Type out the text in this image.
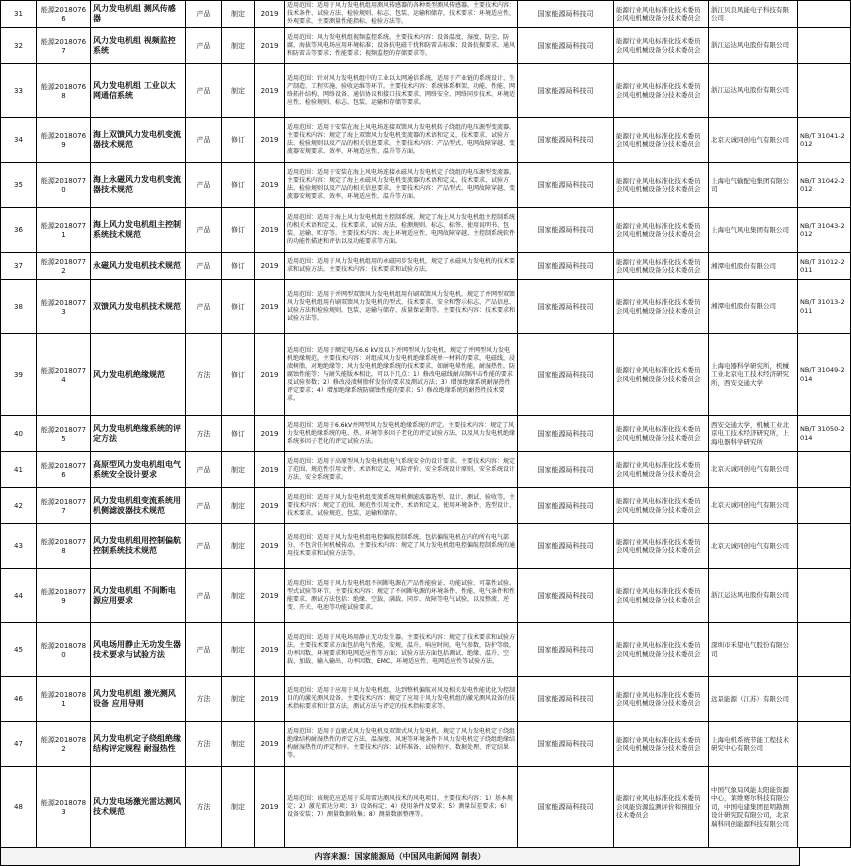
31	能源20180766	风力发电机组 测风传感器	产品	制定	2019	适用范围：适用于风力发电机组用测风传感器的各种类型测风传感器。主要技术内容：技术条件、试验方法、检验规则、标志、包装、运输和储存，技术要求：环境适应性，外观要求，主要测量性能指标，检验方法等。	国家能源局科技司	能源行业风电标准化技术委员会风电机械设备分技术委员会	浙江贝良风能电子科技有限公司	
32	能源20180767	风力发电机组 视频监控系统	产品	制定	2019	适用范围：风力发电机组视频监控系统。主要技术内容：设备温度、湿度、防尘、防腐、海拔等风电场应用环境标准；设备抗电磁干扰和防雷击标准；设备抗振要求，通风和防雷击等要求；性能要求；视频监控的存储要求等。	国家能源局科技司	能源行业风电标准化技术委员会风电机械设备分技术委员会	浙江运达风电股份有限公司	
33	能源20180768	风力发电机组 工业以太网通信系统	产品	制定	2019	适用范围：针对风力发电机组中的工业以太网通信系统，适用于产业链的系统设计、生产制造、工程实施、验收运维等环节。主要技术内容：系统体系框架、功能、性能、网络拓扑结构、网络设备、通信协议和接口技术要求、网络安全、网络同步技术、环境适应性、检验规则、标志、包装、运输和存储等要求。	国家能源局科技司	能源行业风电标准化技术委员会风电机械设备分技术委员会	浙江运达风电股份有限公司	
34	能源20180769	海上双馈风力发电机变流器技术规范	产品	修订	2019	适用范围：适用于安装在海上风电场连接双馈风力发电机转子绕组的电压源型变流器。主要技术内容：规定了海上双馈风力发电机变流器的术语和定义、技术要求、试验方法、检验规则以及产品的相关信息要求。主要技术内容：产品型式、电网故障穿越、变流器安规要求、效率、环境适应性、温升等方面。	国家能源局科技司	能源行业风电标准化技术委员会风电机械设备分技术委员会	北京天诚同创电气有限公司	NB/T 31041-2012
35	能源20180770	海上永磁风力发电机变流器技术规范	产品	修订	2019	适用范围：适用于安装在海上风电场连接永磁风力发电机定子绕组的电压源型变流器。主要技术内容：规定了海上永磁风力发电机变流器的术语和定义、技术要求、试验方法、检验规则以及产品的相关信息要求。主要技术内容：产品型式、电网故障穿越、变流器安规要求、效率、环境适应性、温升等方面。	国家能源局科技司	能源行业风电标准化技术委员会风电机械设备分技术委员会	上海电气输配电集团有限公司	NB/T 31042-2012
36	能源20180771	海上风力发电机组主控制系统技术规范	产品	修订	2019	适用范围：适用于海上风力发电机组主控制系统。规定了海上风力发电机组主控制系统的相关术语和定义、技术要求、试验方法、检测规则、标志、标签、使用说明书、包装、运输、贮存等。主要技术内容：海上环境适应性、电网故障穿越、主控制系统软件的功能性描述和评估以及功能要求等方面。	国家能源局科技司	能源行业风电标准化技术委员会风电机械设备分技术委员会	上海电气风电集团有限公司	NB/T 31043-2012
37	能源20180772	永磁风力发电机技术规范	产品	修订	2019	适用范围：适用于风力发电机组用的永磁同步发电机，规定了永磁风力发电机的技术要求和试验方法。主要技术内容：技术要求和试验方法。	国家能源局科技司	能源行业风电标准化技术委员会风电机械设备分技术委员会	湘潭电机股份有限公司	NB/T 31012-2011
38	能源20180773	双馈风力发电机技术规范	产品	修订	2019	适用范围：适用于并网型双馈风力发电机组用有刷双馈风力发电机，规定了并网型双馈风力发电机组用有刷双馈风力发电机的型式、技术要求、安全和警示标志、产品信息、试验方法和检验规则，包装、运输与储存、质量保证期等。主要技术内容：技术要求和试验方法等。	国家能源局科技司	能源行业风电标准化技术委员会风电机械设备分技术委员会	湘潭电机股份有限公司	NB/T 31013-2011
39	能源20180774	风力发电机绝缘规范	方法	修订	2019	适用范围：适用于额定电压6.6 kV及以下并网型风力发电机，规定了并网型风力发电机绝缘规范。主要技术内容：对组成风力发电机绝缘系统单一材料的要求，电磁线，浸渍树脂，对地绝缘等；风力发电机绝缘系统的技术要求，如耐电晕性能，耐湿热性，防腐蚀性能等；与耐失能版本相比，可以下几点：1）修改电磁线耐高频冲击性能的要求及试验参数；2）修改浸渍树脂样发份的要求及测试方法；3）增加绝缘系统耐湿热性评定要求；4）增加绝缘系统防腐蚀性能的要求；5）修改绝缘系统的耐热性技术要求。	国家能源局科技司	能源行业风电标准化技术委员会风电机械设备分技术委员会	上海电器科学研究所，机械工业北京电工技术经济研究所，西安交通大学	NB/T 31049-2014
40	能源20180775	风力发电机绝缘系统的评定方法	方法	修订	2019	适用范围：适用于6.6kV并网型风力发电机绝缘系统的评定。主要技术内容：规定了风力发电机绝缘系统的电、热、环境等多因子老化的评定试验方法，以及风力发电机绝缘系统多因子老化的评定试验方法。	国家能源局科技司	能源行业风电标准化技术委员会风电机械设备分技术委员会	西安交通大学，机械工业北京电工技术经济研究所，上海电器科学研究所	NB/T 31050-2014
41	能源20180776	高原型风力发电机组电气系统安全设计要求	产品	制定	2019	适用范围：适用于高原型风力发电机组电气系统安全的设计要求。主要技术内容：规定了范围、规范性引用文件、术语和定义，风险评价、安全系统设计原则、安全系统设计方法、安全系统要求。	国家能源局科技司	能源行业风电标准化技术委员会风电机械设备分技术委员会	北京天诚同创电气有限公司	
42	能源20180777	风力发电机组变流系统用机侧滤波器技术规范	产品	制定	2019	适用范围：适用于风力发电机组变流系统用机侧滤波器选型、设计、测试、验收等。主要技术内容：规定了范围，规范性引用文件、术语和定义、使用环境条件、选型设计、技术要求，试验规范、包装、运输和储存。	国家能源局科技司	能源行业风电标准化技术委员会风电机械设备分技术委员会	北京天诚同创电气有限公司	
43	能源20180778	风力发电机组用控制偏航控制系统技术规范	产品	制定	2019	适用范围：适用于风力发电机组电控偏航控制系统，包括偏航电机在内的所有电气部分，不包含任何机械传动。主要技术内容：规定了风力发电机组电控偏航控制系统的通用技术要求和试验方法等。	国家能源局科技司	能源行业风电标准化技术委员会风电机械设备分技术委员会	北京天诚同创电气有限公司	
44	能源20180779	风力发电机组 不间断电源应用要求	产品	制定	2019	适用范围：适用于风力发电机组不间断电源在产品性能验证、功能试验、可靠性试验、型式试验等环节。主要技术内容：规定了不间断电源的环境条件、性能、电气条件和性能要求，测试方法包括：绝缘、空载、满载、同步、故障等电气试验，以及整流、逆变、开关、电池等功能试验要求。	国家能源局科技司	能源行业风电标准化技术委员会风电机械设备分技术委员会	浙江运达风电股份有限公司	
45	能源20180780	风电场用静止无功发生器技术要求与试验方法	产品	制定	2019	适用范围：适用于风电场用静止无功发生器。主要技术内容：规定了技术要求和试验方法。主要技术要求方面包括电气性能，安规，温升，响应时间，电气参数，防护等级，功率因数，环境要求和电网适应性等方面；试验方法方面包括调试、绝缘、温升、空载、加载、输入输出、功率因数、EMC、环境适应性、电网适应性等试验方法。	国家能源局科技司	能源行业风电标准化技术委员会风电机械设备分技术委员会	深圳市禾望电气股份有限公司	
46	能源20180781	风力发电机组 激光测风设备 应用导则	方法	制定	2019	适用范围：适用于应用于风力发电机组，达到整机偏航对风及相关发电性能优化为控制目的的激光测风设备。主要技术内容：规定了应用于风力发电机组的激光测风设备的技术指标要求和计算方法，测试方法与评定的技术指标要求等。	国家能源局科技司	能源行业风电标准化技术委员会风电机械设备分技术委员会	远景能源（江苏）有限公司	
47	能源20180782	风力发电机定子绕组绝缘结构评定规程 耐湿热性	方法	制定	2019	适用范围：适用于直驱式风力发电机及双馈式风力发电机。规定了风力发电机定子绕组绝缘结构耐湿热性的评定方法，温湿度、风速等环境条件下风力发电机定子绕组绝缘结构耐湿热性的评定程序。主要技术内容：试样准备、试验程序、数据处理、评定结果等。	国家能源局科技司	能源行业风电标准化技术委员会风电机械设备分技术委员会	上海电机系统节能工程技术研究中心有限公司	
48	能源20180783	风力发电场激光雷达测风技术规范	方法	制定	2019	适用范围：该规范应适用于采用雷达测风技术的风电项目，主要技术内容：1）基本规定；2）激光雷达分项；3）设备标定；4）使用条件及要求；5）测量误差要求；6）设备安装；7）测量数据收集；8）测量数据整理等。	国家能源局科技司	能源行业风电标准化技术委员会风能资源监测评价和预报分技术委员会	中国气象局风能太阳能资源中心，莱维赛尔科技有限公司，中国电建集团昆明勘测设计研究院有限公司，北京瑞科同创能源科技有限公司	
内容来源：国家能源局（中国风电新闻网 制表）
